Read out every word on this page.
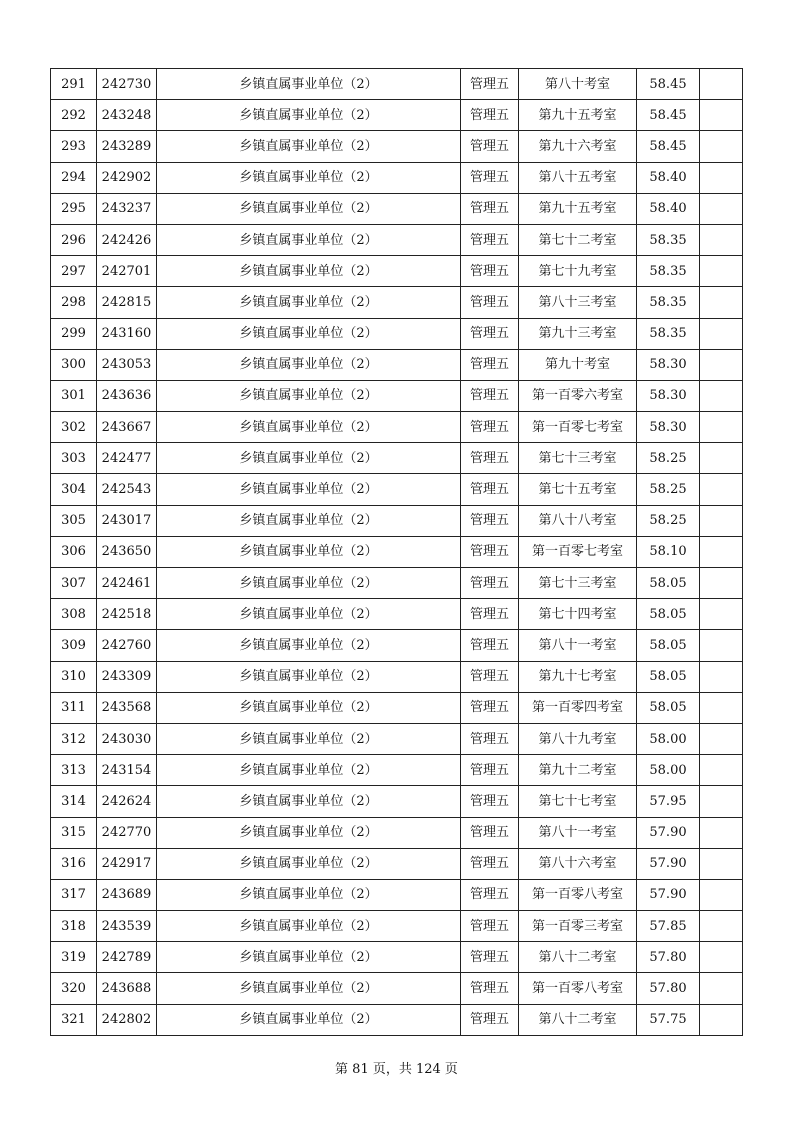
291	242730	乡镇直属事业单位（2）	管理五	第八十考室	58.45	
292	243248	乡镇直属事业单位（2）	管理五	第九十五考室	58.45	
293	243289	乡镇直属事业单位（2）	管理五	第九十六考室	58.45	
294	242902	乡镇直属事业单位（2）	管理五	第八十五考室	58.40	
295	243237	乡镇直属事业单位（2）	管理五	第九十五考室	58.40	
296	242426	乡镇直属事业单位（2）	管理五	第七十二考室	58.35	
297	242701	乡镇直属事业单位（2）	管理五	第七十九考室	58.35	
298	242815	乡镇直属事业单位（2）	管理五	第八十三考室	58.35	
299	243160	乡镇直属事业单位（2）	管理五	第九十三考室	58.35	
300	243053	乡镇直属事业单位（2）	管理五	第九十考室	58.30	
301	243636	乡镇直属事业单位（2）	管理五	第一百零六考室	58.30	
302	243667	乡镇直属事业单位（2）	管理五	第一百零七考室	58.30	
303	242477	乡镇直属事业单位（2）	管理五	第七十三考室	58.25	
304	242543	乡镇直属事业单位（2）	管理五	第七十五考室	58.25	
305	243017	乡镇直属事业单位（2）	管理五	第八十八考室	58.25	
306	243650	乡镇直属事业单位（2）	管理五	第一百零七考室	58.10	
307	242461	乡镇直属事业单位（2）	管理五	第七十三考室	58.05	
308	242518	乡镇直属事业单位（2）	管理五	第七十四考室	58.05	
309	242760	乡镇直属事业单位（2）	管理五	第八十一考室	58.05	
310	243309	乡镇直属事业单位（2）	管理五	第九十七考室	58.05	
311	243568	乡镇直属事业单位（2）	管理五	第一百零四考室	58.05	
312	243030	乡镇直属事业单位（2）	管理五	第八十九考室	58.00	
313	243154	乡镇直属事业单位（2）	管理五	第九十二考室	58.00	
314	242624	乡镇直属事业单位（2）	管理五	第七十七考室	57.95	
315	242770	乡镇直属事业单位（2）	管理五	第八十一考室	57.90	
316	242917	乡镇直属事业单位（2）	管理五	第八十六考室	57.90	
317	243689	乡镇直属事业单位（2）	管理五	第一百零八考室	57.90	
318	243539	乡镇直属事业单位（2）	管理五	第一百零三考室	57.85	
319	242789	乡镇直属事业单位（2）	管理五	第八十二考室	57.80	
320	243688	乡镇直属事业单位（2）	管理五	第一百零八考室	57.80	
321	242802	乡镇直属事业单位（2）	管理五	第八十二考室	57.75	
第 81 页，共 124 页
